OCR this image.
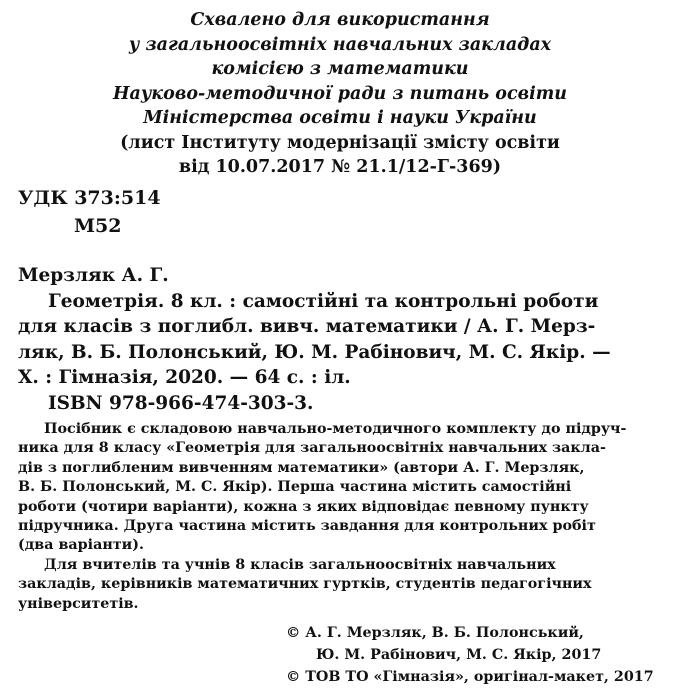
Схвалено для використання
у загальноосвітніх навчальних закладах
комісією з математики
Науково-методичної ради з питань освіти
Міністерства освіти і науки України
(лист Інституту модернізації змісту освіти
від 10.07.2017 № 21.1/12-Г-369)
УДК 373:514
М52
Мерзляк А. Г.
Геометрія. 8 кл. : самостійні та контрольні роботи
для класів з поглибл. вивч. математики / А. Г. Мерз-
ляк, В. Б. Полонський, Ю. М. Рабінович, М. С. Якір. —
Х. : Гімназія, 2020. — 64 с. : іл.
ISBN 978-966-474-303-3.
Посібник є складовою навчально-методичного комплекту до підруч-
ника для 8 класу «Геометрія для загальноосвітніх навчальних закла-
дів з поглибленим вивченням математики» (автори А. Г. Мерзляк,
В. Б. Полонський, М. С. Якір). Перша частина містить самостійні
роботи (чотири варіанти), кожна з яких відповідає певному пункту
підручника. Друга частина містить завдання для контрольних робіт
(два варіанти).
Для вчителів та учнів 8 класів загальноосвітніх навчальних
закладів, керівників математичних гуртків, студентів педагогічних
університетів.
© А. Г. Мерзляк, В. Б. Полонський,
Ю. М. Рабінович, М. С. Якір, 2017
© ТОВ ТО «Гімназія», оригінал-макет, 2017
